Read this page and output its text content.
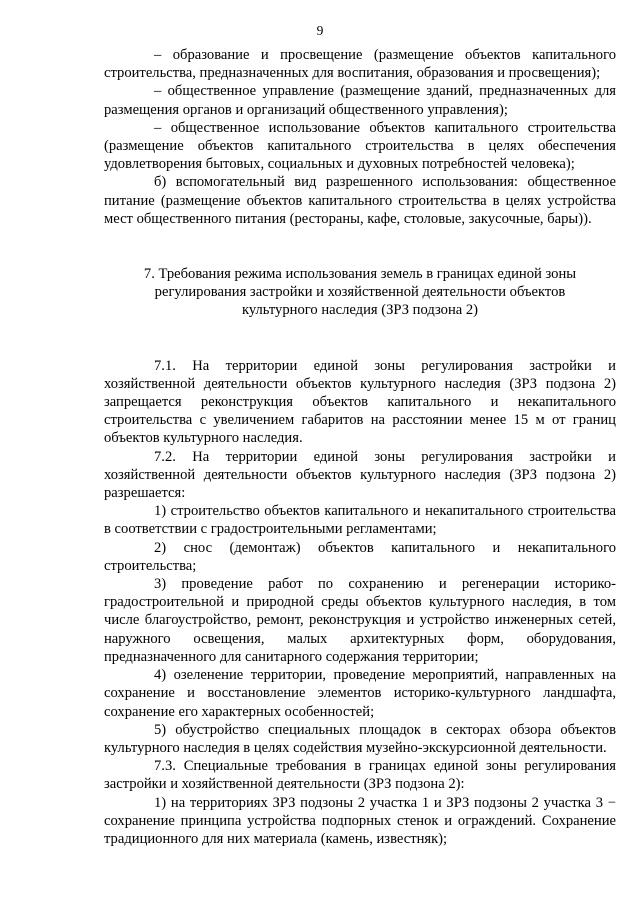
9

– образование и просвещение (размещение объектов капитального строительства, предназначенных для воспитания, образования и просвещения);

– общественное управление (размещение зданий, предназначенных для размещения органов и организаций общественного управления);

– общественное использование объектов капитального строительства (размещение объектов капитального строительства в целях обеспечения удовлетворения бытовых, социальных и духовных потребностей человека);

б) вспомогательный вид разрешенного использования: общественное питание (размещение объектов капитального строительства в целях устройства мест общественного питания (рестораны, кафе, столовые, закусочные, бары)).

7. Требования режима использования земель в границах единой зоны регулирования застройки и хозяйственной деятельности объектов культурного наследия (ЗРЗ подзона 2)

7.1. На территории единой зоны регулирования застройки и хозяйственной деятельности объектов культурного наследия (ЗРЗ подзона 2) запрещается реконструкция объектов капитального и некапитального строительства с увеличением габаритов на расстоянии менее 15 м от границ объектов культурного наследия.

7.2. На территории единой зоны регулирования застройки и хозяйственной деятельности объектов культурного наследия (ЗРЗ подзона 2) разрешается:

1) строительство объектов капитального и некапитального строительства в соответствии с градостроительными регламентами;

2) снос (демонтаж) объектов капитального и некапитального строительства;

3) проведение работ по сохранению и регенерации историко-градостроительной и природной среды объектов культурного наследия, в том числе благоустройство, ремонт, реконструкция и устройство инженерных сетей, наружного освещения, малых архитектурных форм, оборудования, предназначенного для санитарного содержания территории;

4) озеленение территории, проведение мероприятий, направленных на сохранение и восстановление элементов историко-культурного ландшафта, сохранение его характерных особенностей;

5) обустройство специальных площадок в секторах обзора объектов культурного наследия в целях содействия музейно-экскурсионной деятельности.

7.3. Специальные требования в границах единой зоны регулирования застройки и хозяйственной деятельности (ЗРЗ подзона 2):

1) на территориях ЗРЗ подзоны 2 участка 1 и ЗРЗ подзоны 2 участка 3 − сохранение принципа устройства подпорных стенок и ограждений. Сохранение традиционного для них материала (камень, известняк);
